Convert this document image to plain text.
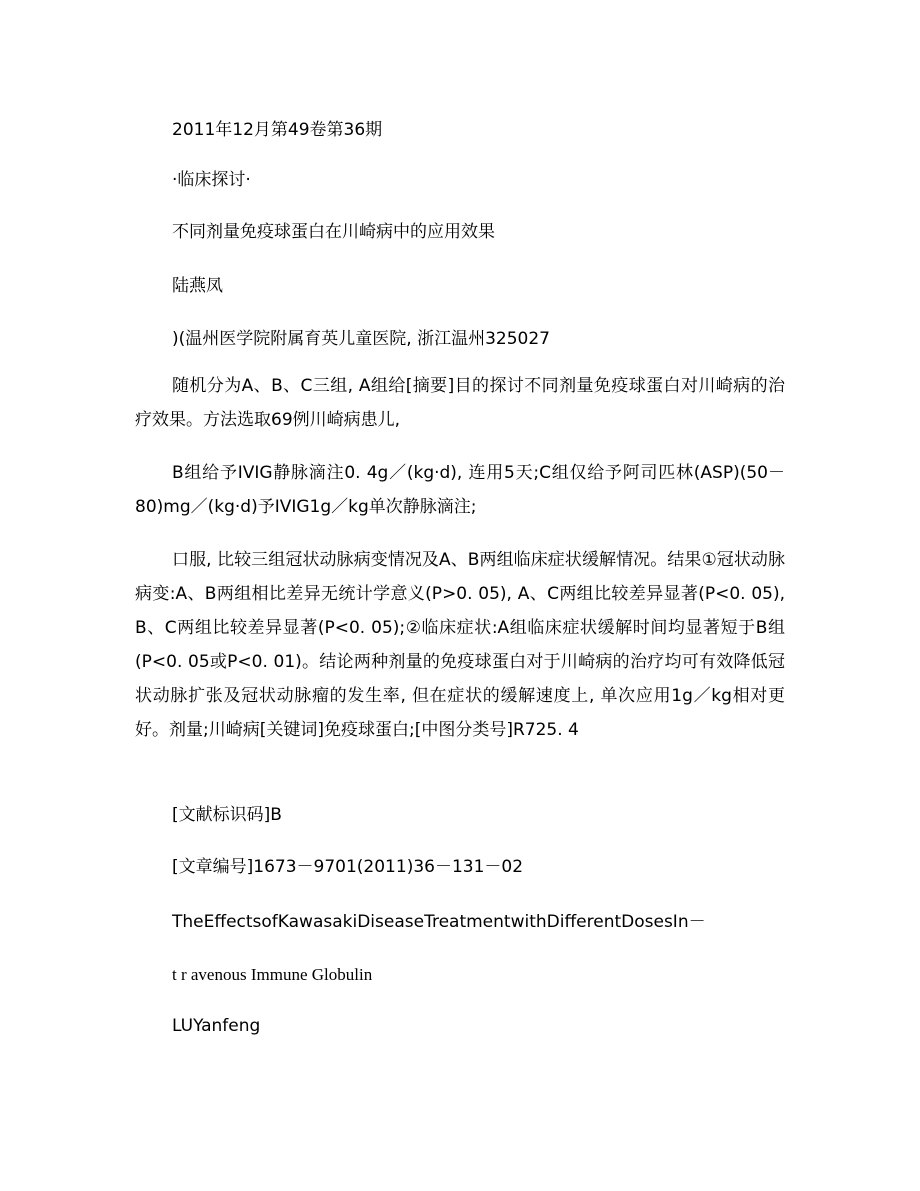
2011年12月第49卷第36期

·临床探讨·

不同剂量免疫球蛋白在川崎病中的应用效果

陆燕凤

)(温州医学院附属育英儿童医院, 浙江温州325027

随机分为A、B、C三组, A组给[摘要]目的探讨不同剂量免疫球蛋白对川崎病的治疗效果。方法选取69例川崎病患儿,

B组给予IVIG静脉滴注0. 4g／(kg·d), 连用5天;C组仅给予阿司匹林(ASP)(50－80)mg／(kg·d)予IVIG1g／kg单次静脉滴注;

口服, 比较三组冠状动脉病变情况及A、B两组临床症状缓解情况。结果①冠状动脉病变:A、B两组相比差异无统计学意义(P>0. 05), A、C两组比较差异显著(P<0. 05), B、C两组比较差异显著(P<0. 05);②临床症状:A组临床症状缓解时间均显著短于B组(P<0. 05或P<0. 01)。结论两种剂量的免疫球蛋白对于川崎病的治疗均可有效降低冠状动脉扩张及冠状动脉瘤的发生率, 但在症状的缓解速度上, 单次应用1g／kg相对更好。剂量;川崎病[关键词]免疫球蛋白;[中图分类号]R725. 4

[文献标识码]B

[文章编号]1673－9701(2011)36－131－02

TheEffectsofKawasakiDiseaseTreatmentwithDifferentDosesIn－

t r avenous Immune Globulin

LUYanfeng
